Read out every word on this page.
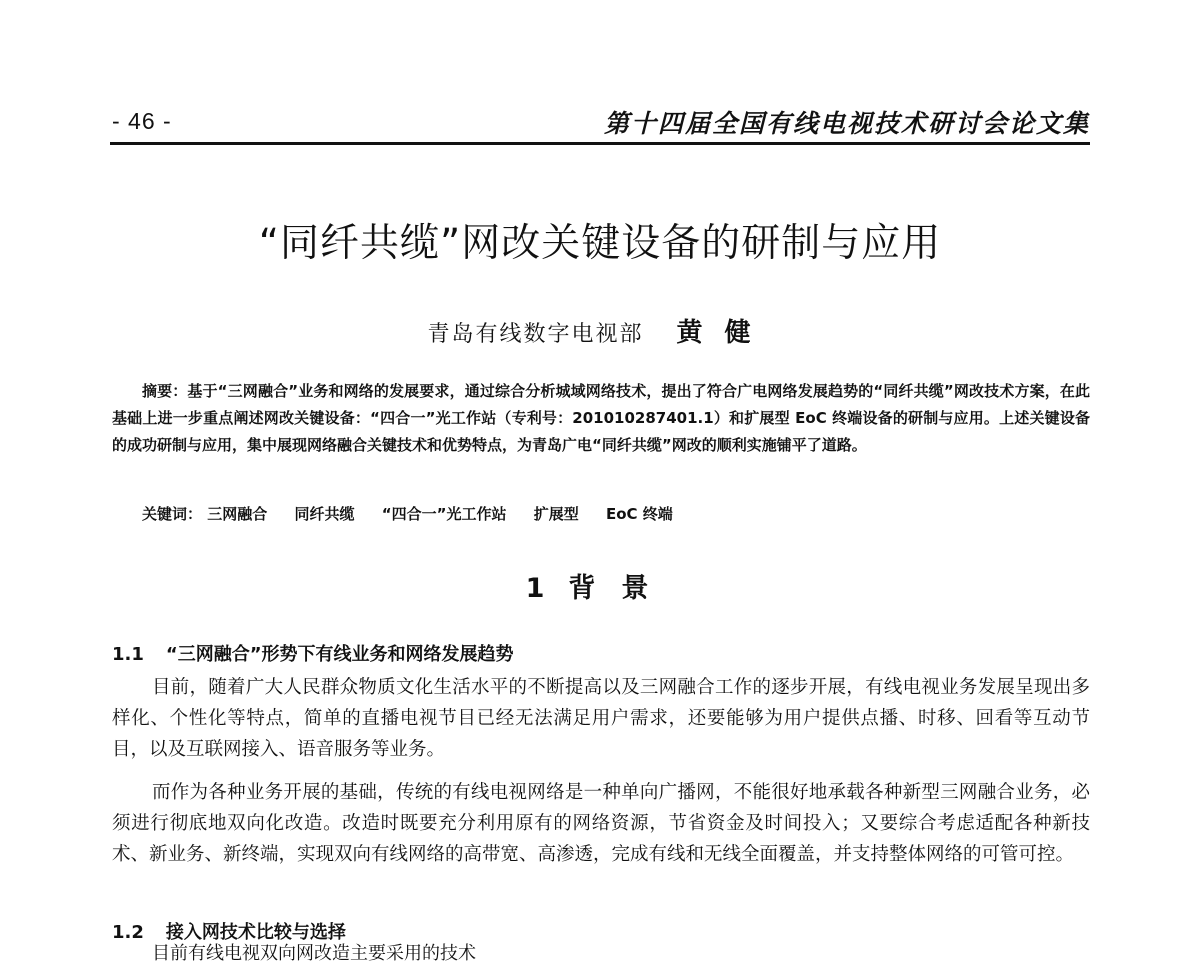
- 46 -	第十四届全国有线电视技术研讨会论文集
“同纤共缆”网改关键设备的研制与应用
青岛有线数字电视部 黄健
摘要：基于“三网融合”业务和网络的发展要求，通过综合分析城域网络技术，提出了符合广电网络发展趋势的“同纤共缆”网改技术方案，在此基础上进一步重点阐述网改关键设备：“四合一”光工作站（专利号：201010287401.1）和扩展型 EoC 终端设备的研制与应用。上述关键设备的成功研制与应用，集中展现网络融合关键技术和优势特点，为青岛广电“同纤共缆”网改的顺利实施铺平了道路。
关键词： 三网融合 同纤共缆 “四合一”光工作站 扩展型 EoC 终端
1 背景
1.1 “三网融合”形势下有线业务和网络发展趋势

目前，随着广大人民群众物质文化生活水平的不断提高以及三网融合工作的逐步开展，有线电视业务发展呈现出多样化、个性化等特点，简单的直播电视节目已经无法满足用户需求，还要能够为用户提供点播、时移、回看等互动节目，以及互联网接入、语音服务等业务。

而作为各种业务开展的基础，传统的有线电视网络是一种单向广播网，不能很好地承载各种新型三网融合业务，必须进行彻底地双向化改造。改造时既要充分利用原有的网络资源，节省资金及时间投入；又要综合考虑适配各种新技术、新业务、新终端，实现双向有线网络的高带宽、高渗透，完成有线和无线全面覆盖，并支持整体网络的可管可控。

1.2 接入网技术比较与选择
目前有线电视双向网改造主要采用的技术
